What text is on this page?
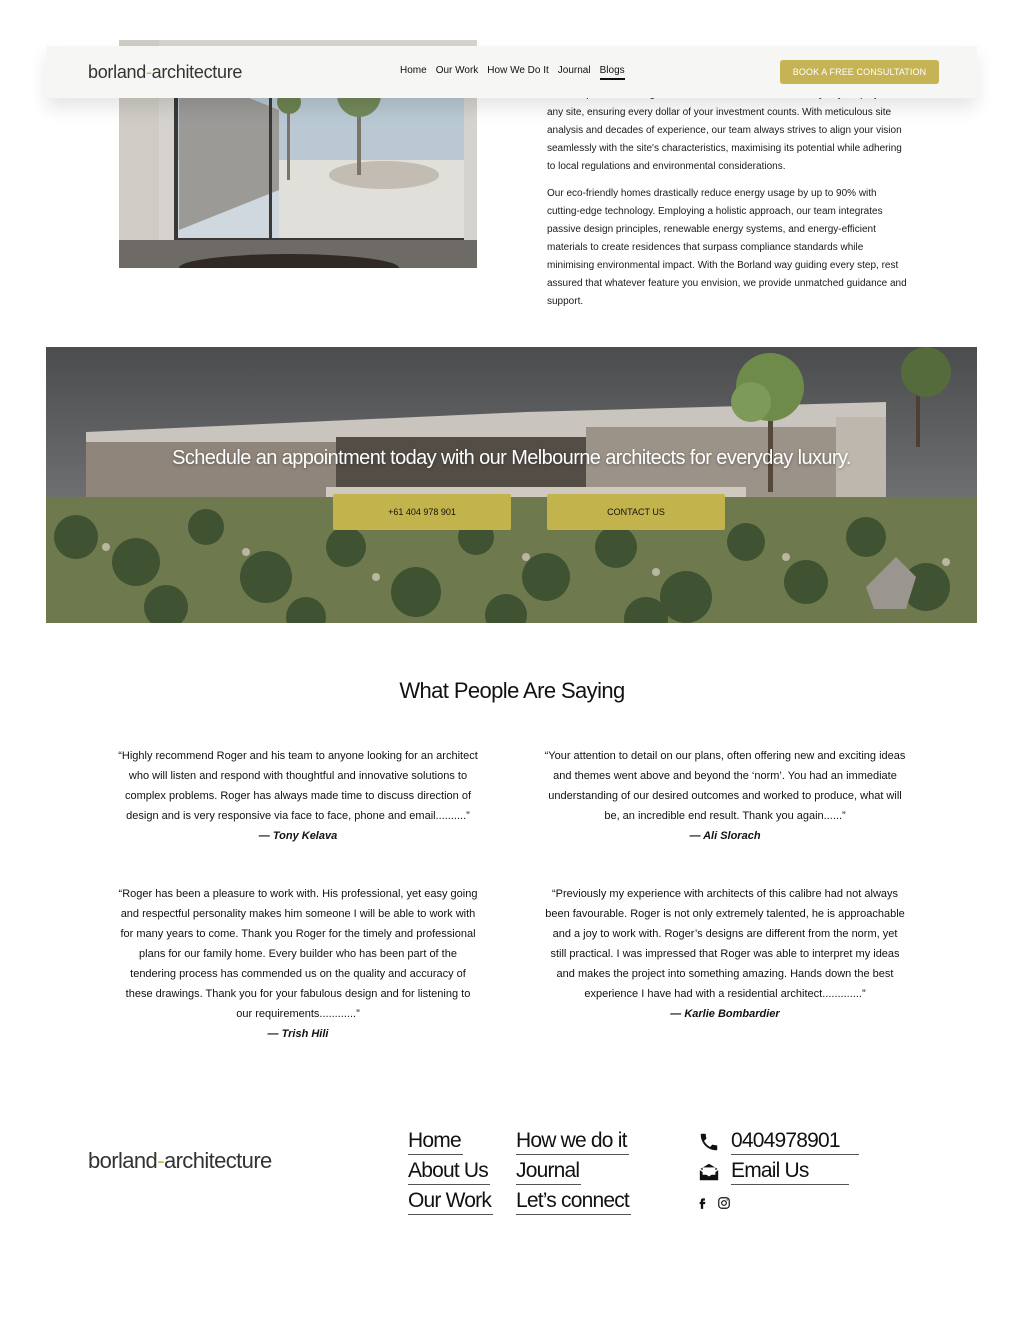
any site, ensuring every dollar of your investment counts. With meticulous site analysis and decades of experience, our team always strives to align your vision seamlessly with the site's characteristics, maximising its potential while adhering to local regulations and environmental considerations.

Our eco-friendly homes drastically reduce energy usage by up to 90% with cutting-edge technology. Employing a holistic approach, our team integrates passive design principles, renewable energy systems, and energy-efficient materials to create residences that surpass compliance standards while minimising environmental impact. With the Borland way guiding every step, rest assured that whatever feature you envision, we provide unmatched guidance and support.

borland-architecture	Home Our Work How We Do It Journal Blogs	BOOK A FREE CONSULTATION
Schedule an appointment today with our Melbourne architects for everyday luxury.
+61 404 978 901	CONTACT US
What People Are Saying
“Highly recommend Roger and his team to anyone looking for an architect who will listen and respond with thoughtful and innovative solutions to complex problems. Roger has always made time to discuss direction of design and is very responsive via face to face, phone and email..........”
— Tony Kelava
“Your attention to detail on our plans, often offering new and exciting ideas and themes went above and beyond the ‘norm’. You had an immediate understanding of our desired outcomes and worked to produce, what will be, an incredible end result. Thank you again......”
— Ali Slorach
“Roger has been a pleasure to work with. His professional, yet easy going and respectful personality makes him someone I will be able to work with for many years to come. Thank you Roger for the timely and professional plans for our family home. Every builder who has been part of the tendering process has commended us on the quality and accuracy of these drawings. Thank you for your fabulous design and for listening to our requirements............”
— Trish Hili
“Previously my experience with architects of this calibre had not always been favourable. Roger is not only extremely talented, he is approachable and a joy to work with. Roger’s designs are different from the norm, yet still practical. I was impressed that Roger was able to interpret my ideas and makes the project into something amazing. Hands down the best experience I have had with a residential architect.............”
— Karlie Bombardier
borland-architecture
Home
About Us
Our Work
How we do it
Journal
Let’s connect
0404978901
Email Us
